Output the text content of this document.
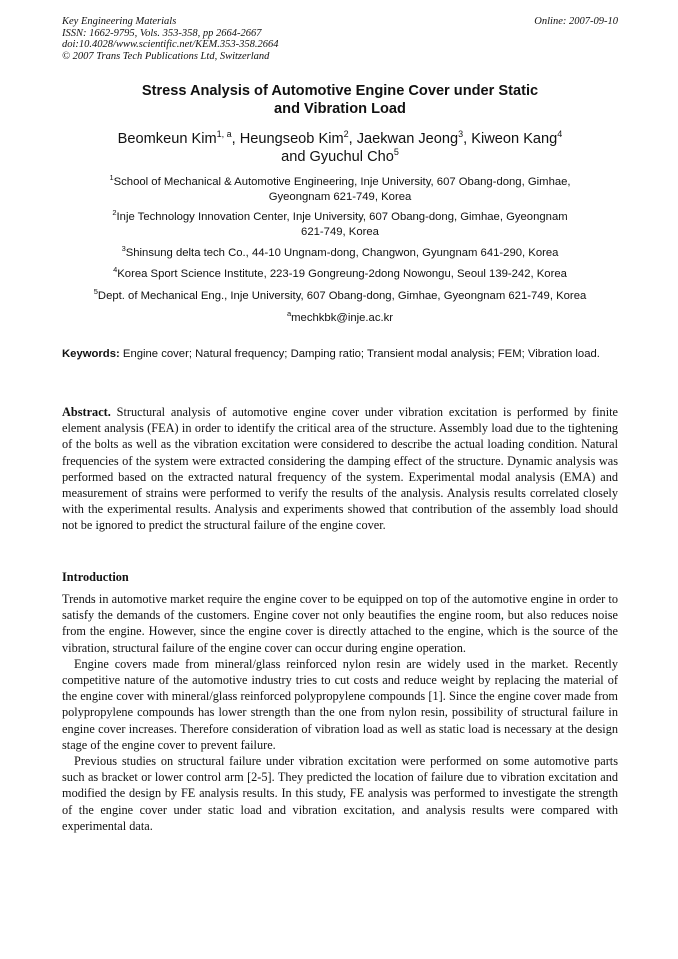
Key Engineering Materials
ISSN: 1662-9795, Vols. 353-358, pp 2664-2667
doi:10.4028/www.scientific.net/KEM.353-358.2664
© 2007 Trans Tech Publications Ltd, Switzerland
Online: 2007-09-10
Stress Analysis of Automotive Engine Cover under Static
and Vibration Load
Beomkeun Kim$^{1, a}$, Heungseob Kim$^2$, Jaekwan Jeong$^3$, Kiweon Kang$^4$
and Gyuchul Cho$^5$
$^1$School of Mechanical & Automotive Engineering, Inje University, 607 Obang-dong, Gimhae,
Gyeongnam 621-749, Korea
$^2$Inje Technology Innovation Center, Inje University, 607 Obang-dong, Gimhae, Gyeongnam
621-749, Korea
$^3$Shinsung delta tech Co., 44-10 Ungnam-dong, Changwon, Gyungnam 641-290, Korea
$^4$Korea Sport Science Institute, 223-19 Gongreung-2dong Nowongu, Seoul 139-242, Korea
$^5$Dept. of Mechanical Eng., Inje University, 607 Obang-dong, Gimhae, Gyeongnam 621-749, Korea
$^a$mechkbk@inje.ac.kr
Keywords: Engine cover; Natural frequency; Damping ratio; Transient modal analysis; FEM; Vibration load.
Abstract. Structural analysis of automotive engine cover under vibration excitation is performed by finite element analysis (FEA) in order to identify the critical area of the structure. Assembly load due to the tightening of the bolts as well as the vibration excitation were considered to describe the actual loading condition. Natural frequencies of the system were extracted considering the damping effect of the structure. Dynamic analysis was performed based on the extracted natural frequency of the system. Experimental modal analysis (EMA) and measurement of strains were performed to verify the results of the analysis. Analysis results correlated closely with the experimental results. Analysis and experiments showed that contribution of the assembly load should not be ignored to predict the structural failure of the engine cover.
Introduction

Trends in automotive market require the engine cover to be equipped on top of the automotive engine in order to satisfy the demands of the customers. Engine cover not only beautifies the engine room, but also reduces noise from the engine. However, since the engine cover is directly attached to the engine, which is the source of the vibration, structural failure of the engine cover can occur during engine operation.

Engine covers made from mineral/glass reinforced nylon resin are widely used in the market. Recently competitive nature of the automotive industry tries to cut costs and reduce weight by replacing the material of the engine cover with mineral/glass reinforced polypropylene compounds [1]. Since the engine cover made from polypropylene compounds has lower strength than the one from nylon resin, possibility of structural failure in engine cover increases. Therefore consideration of vibration load as well as static load is necessary at the design stage of the engine cover to prevent failure.

Previous studies on structural failure under vibration excitation were performed on some automotive parts such as bracket or lower control arm [2-5]. They predicted the location of failure due to vibration excitation and modified the design by FE analysis results. In this study, FE analysis was performed to investigate the strength of the engine cover under static load and vibration excitation, and analysis results were compared with experimental data.
